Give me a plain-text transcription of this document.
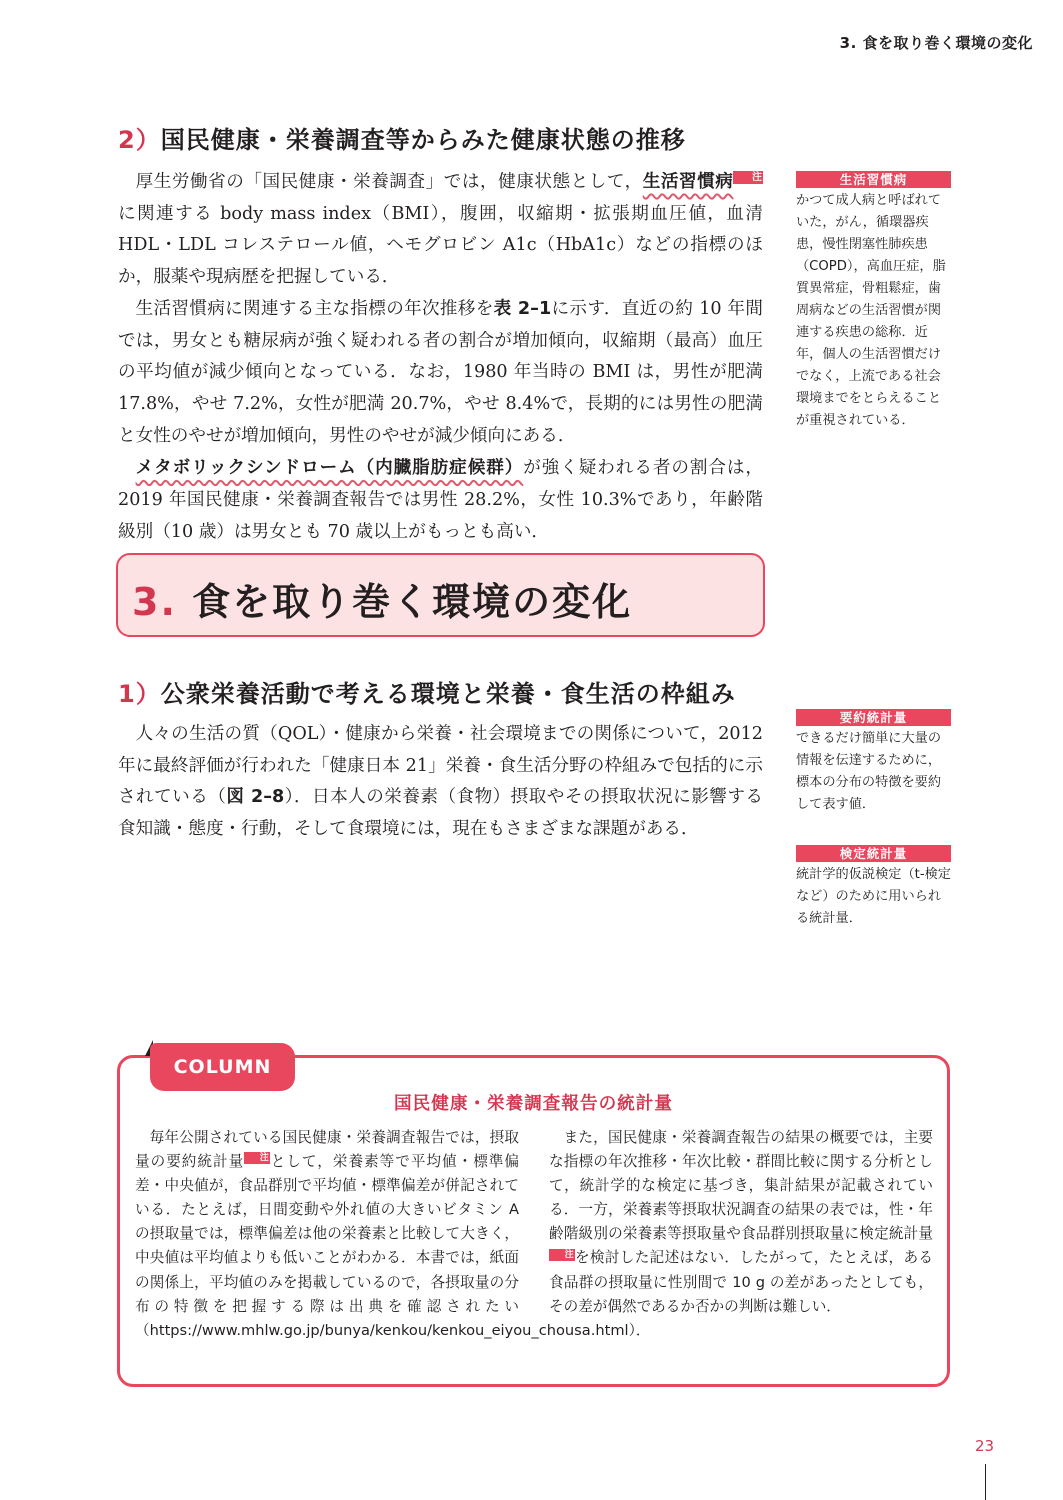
3. 食を取り巻く環境の変化
2）国民健康・栄養調査等からみた健康状態の推移

厚生労働省の「国民健康・栄養調査」では，健康状態として，生活習慣病 注に関連する body mass index（BMI），腹囲，収縮期・拡張期血圧値，血清 HDL・LDL コレステロール値，ヘモグロビン A1c（HbA1c）などの指標のほか，服薬や現病歴を把握している．

生活習慣病に関連する主な指標の年次推移を表 2–1に示す．直近の約 10 年間では，男女とも糖尿病が強く疑われる者の割合が増加傾向，収縮期（最高）血圧の平均値が減少傾向となっている．なお，1980 年当時の BMI は，男性が肥満 17.8%，やせ 7.2%，女性が肥満 20.7%，やせ 8.4%で，長期的には男性の肥満と女性のやせが増加傾向，男性のやせが減少傾向にある．

メタボリックシンドローム（内臓脂肪症候群）が強く疑われる者の割合は，2019 年国民健康・栄養調査報告では男性 28.2%，女性 10.3%であり，年齢階級別（10 歳）は男女とも 70 歳以上がもっとも高い．

生活習慣病
かつて成人病と呼ばれていた，がん，循環器疾患，慢性閉塞性肺疾患（COPD），高血圧症，脂質異常症，骨粗鬆症，歯周病などの生活習慣が関連する疾患の総称．近年，個人の生活習慣だけでなく，上流である社会環境までをとらえることが重視されている．
3. 食を取り巻く環境の変化
1）公衆栄養活動で考える環境と栄養・食生活の枠組み

人々の生活の質（QOL）・健康から栄養・社会環境までの関係について，2012 年に最終評価が行われた「健康日本 21」栄養・食生活分野の枠組みで包括的に示されている（図 2–8）．日本人の栄養素（食物）摂取やその摂取状況に影響する食知識・態度・行動，そして食環境には，現在もさまざまな課題がある．

要約統計量
できるだけ簡単に大量の情報を伝達するために，標本の分布の特徴を要約して表す値．
検定統計量
統計学的仮説検定（t-検定など）のために用いられる統計量．
COLUMN
国民健康・栄養調査報告の統計量

毎年公開されている国民健康・栄養調査報告では，摂取量の要約統計量 注として，栄養素等で平均値・標準偏差・中央値が，食品群別で平均値・標準偏差が併記されている．たとえば，日間変動や外れ値の大きいビタミン A の摂取量では，標準偏差は他の栄養素と比較して大きく，中央値は平均値よりも低いことがわかる．本書では，紙面の関係上，平均値のみを掲載しているので，各摂取量の分布の特徴を把握する際は出典を確認されたい（https://www.mhlw.go.jp/bunya/kenkou/kenkou_eiyou_chousa.html）．

また，国民健康・栄養調査報告の結果の概要では，主要な指標の年次推移・年次比較・群間比較に関する分析として，統計学的な検定に基づき，集計結果が記載されている．一方，栄養素等摂取状況調査の結果の表では，性・年齢階級別の栄養素等摂取量や食品群別摂取量に検定統計量注を検討した記述はない．したがって，たとえば，ある食品群の摂取量に性別間で 10 g の差があったとしても，その差が偶然であるか否かの判断は難しい．

23
